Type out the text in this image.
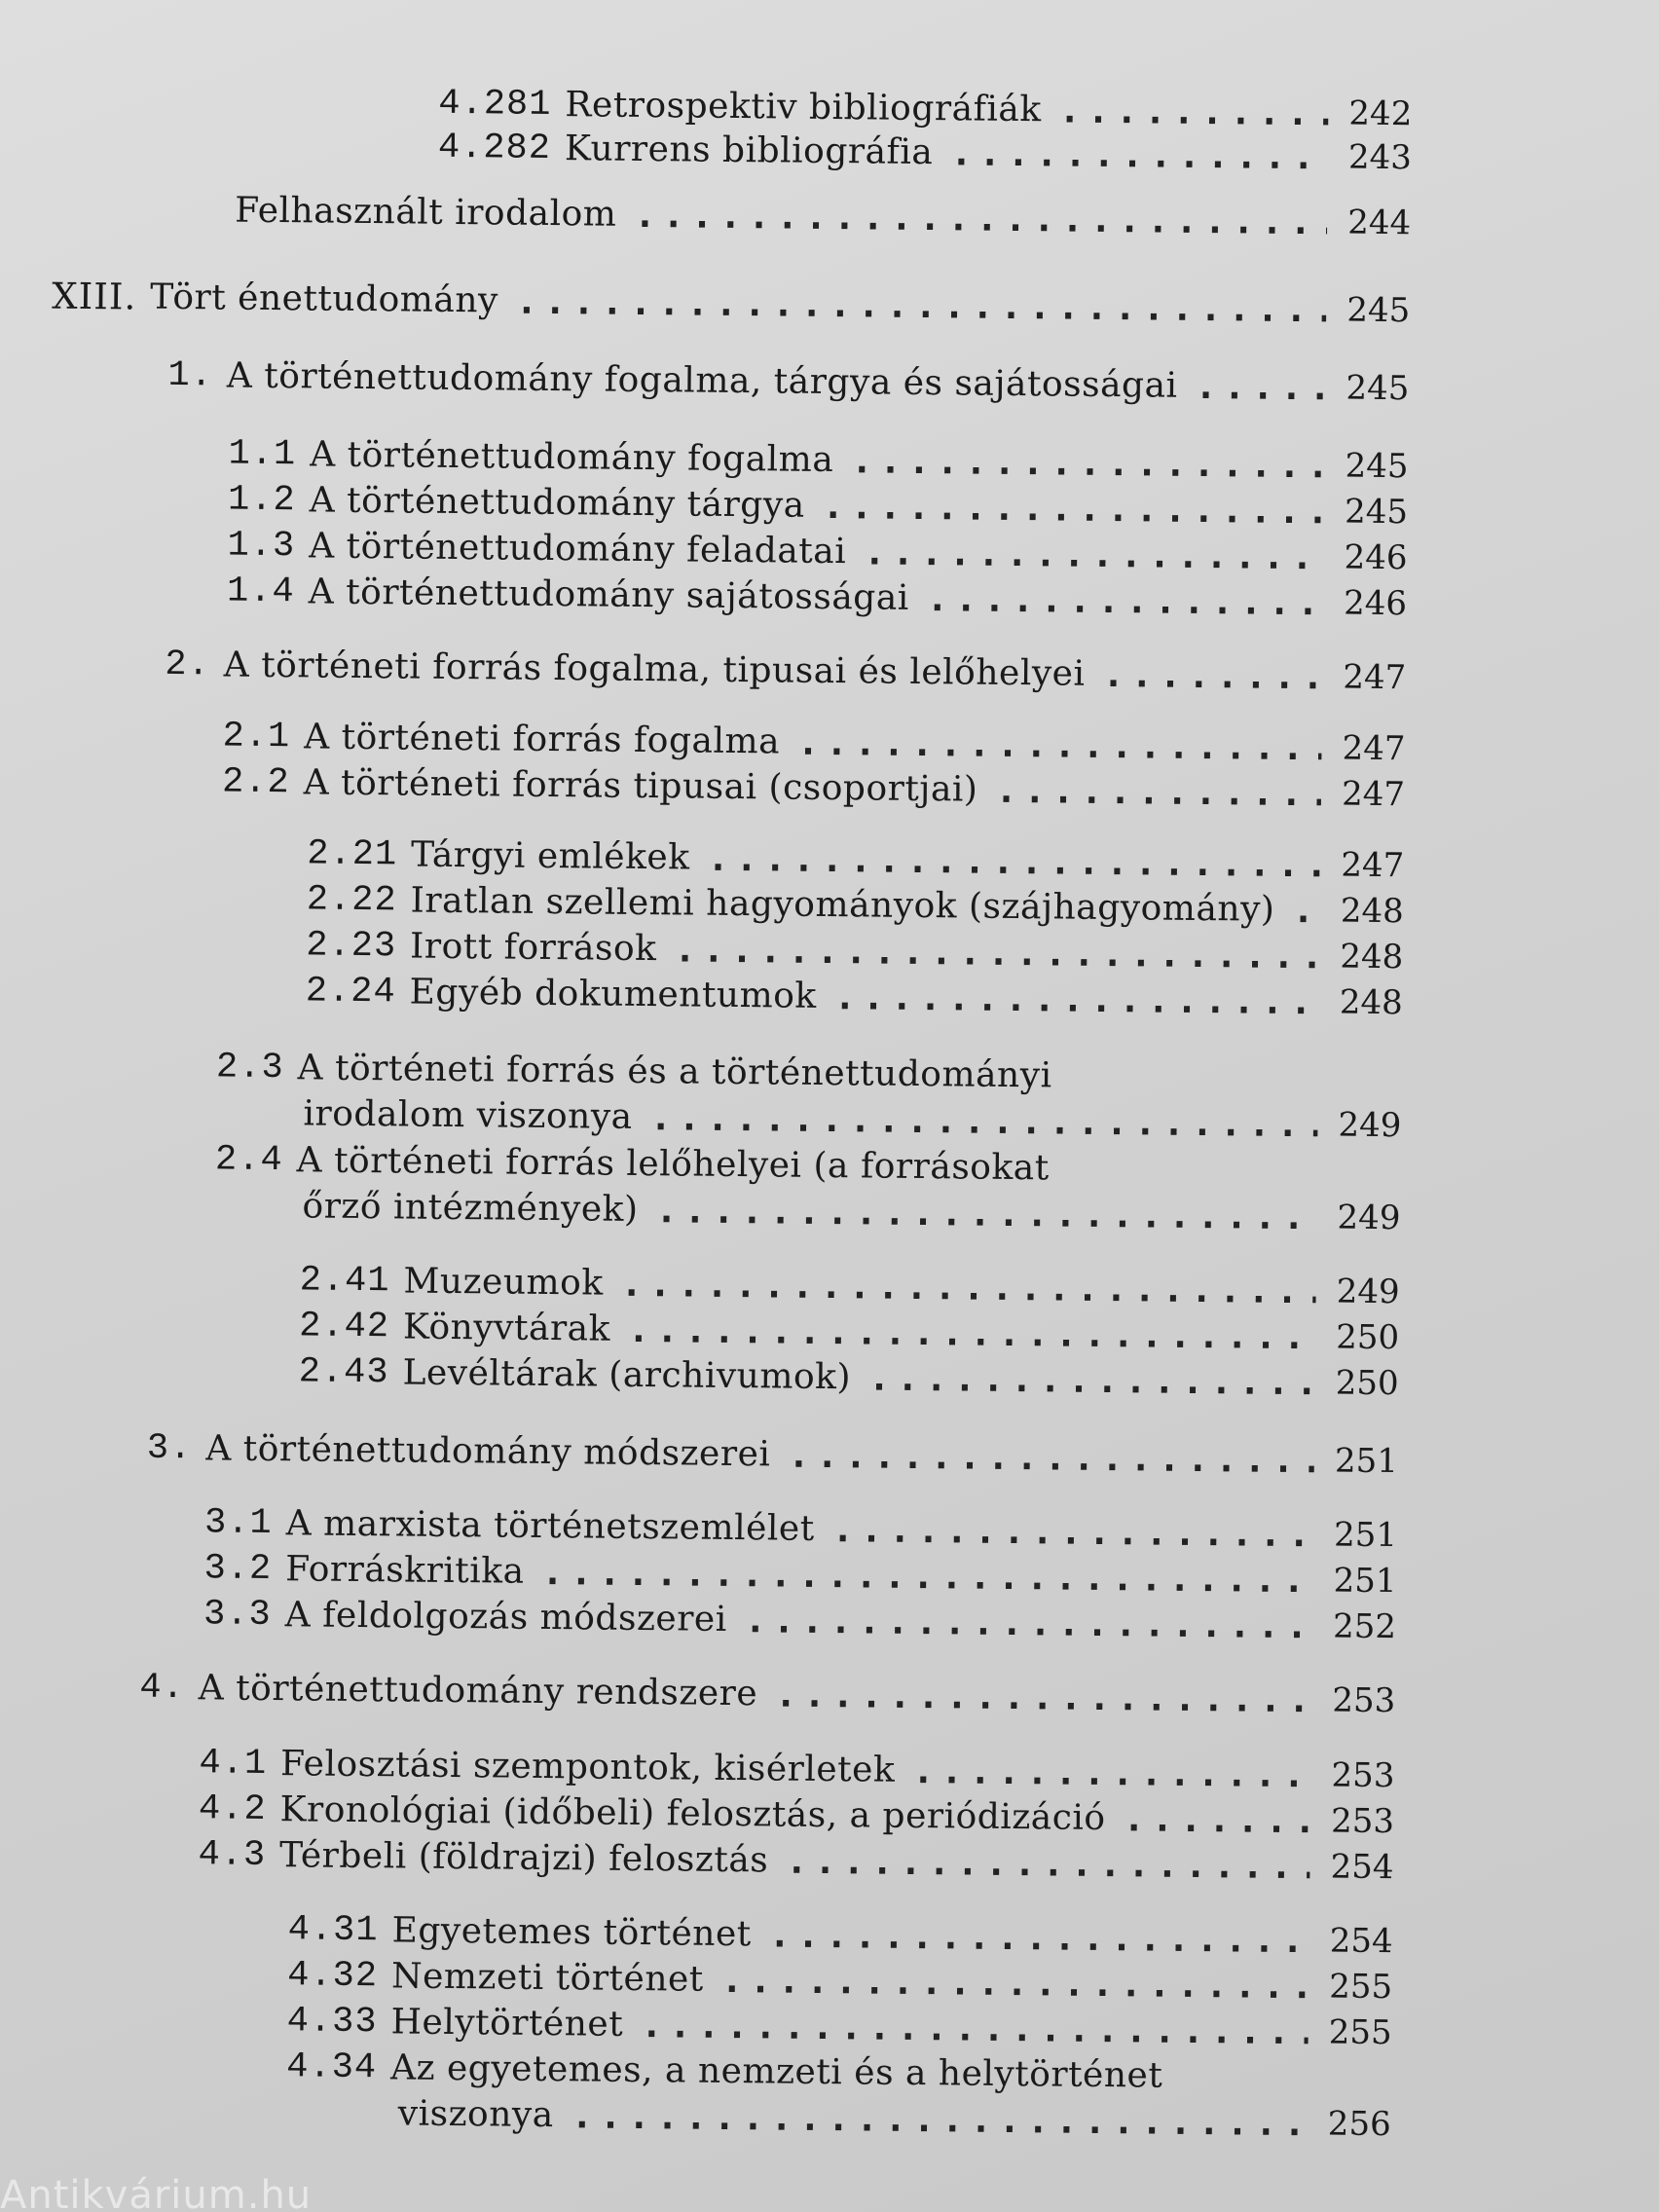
4.281 Retrospektiv bibliográfiák .....	242
4.282 Kurrens bibliográfia .....	243
Felhasznált irodalom .....	244
XIII. Tört énettudomány .....	245
1. A történettudomány fogalma, tárgya és sajátosságai .....	245
1.1 A történettudomány fogalma .....	245
1.2 A történettudomány tárgya .....	245
1.3 A történettudomány feladatai .....	246
1.4 A történettudomány sajátosságai .....	246
2. A történeti forrás fogalma, tipusai és lelőhelyei .....	247
2.1 A történeti forrás fogalma .....	247
2.2 A történeti forrás tipusai (csoportjai) .....	247
2.21 Tárgyi emlékek .....	247
2.22 Iratlan szellemi hagyományok (szájhagyomány) ..... 248
2.23 Irott források .....	248
2.24 Egyéb dokumentumok .....	248
2.3 A történeti forrás és a történettudományi
irodalom viszonya .....	249
2.4 A történeti forrás lelőhelyei (a forrásokat
őrző intézmények) .....	249
2.41 Muzeumok .....	249
2.42 Könyvtárak .....	250
2.43 Levéltárak (archivumok) .....	250
3. A történettudomány módszerei .....	251
3.1 A marxista történetszemlélet .....	251
3.2 Forráskritika .....	251
3.3 A feldolgozás módszerei .....	252
4. A történettudomány rendszere .....	253
4.1 Felosztási szempontok, kisérletek .....	253
4.2 Kronológiai (időbeli) felosztás, a periódizáció .....	253
4.3 Térbeli (földrajzi) felosztás .....	254
4.31 Egyetemes történet .....	254
4.32 Nemzeti történet .....	255
4.33 Helytörténet .....	255
4.34 Az egyetemes, a nemzeti és a helytörténet
viszonya .....	256
Antikvárium.hu
